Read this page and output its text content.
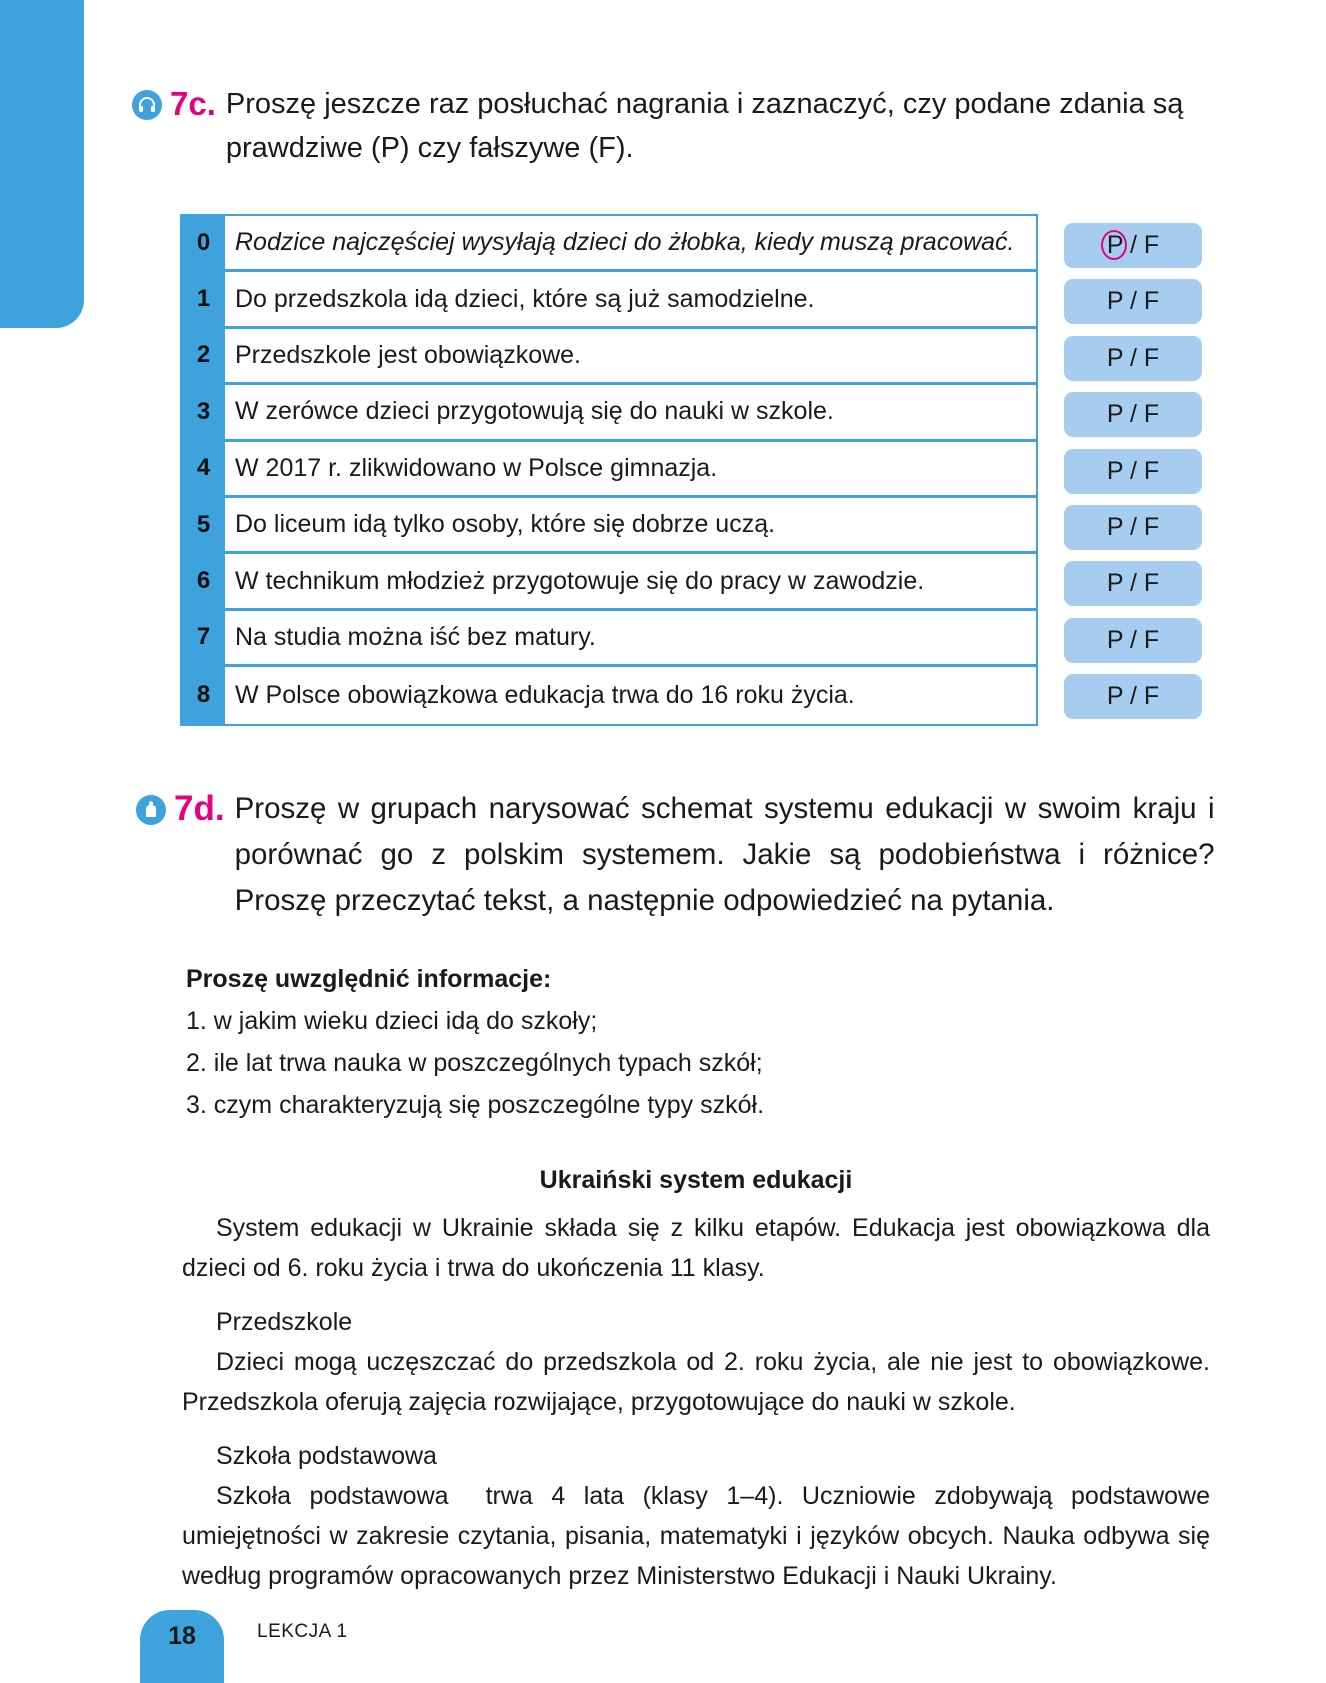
7c. Proszę jeszcze raz posłuchać nagrania i zaznaczyć, czy podane zdania są prawdziwe (P) czy fałszywe (F).
0 Rodzice najczęściej wysyłają dzieci do żłobka, kiedy muszą pracować.
1 Do przedszkola idą dzieci, które są już samodzielne.
2 Przedszkole jest obowiązkowe.
3 W zerówce dzieci przygotowują się do nauki w szkole.
4 W 2017 r. zlikwidowano w Polsce gimnazja.
5 Do liceum idą tylko osoby, które się dobrze uczą.
6 W technikum młodzież przygotowuje się do pracy w zawodzie.
7 Na studia można iść bez matury.
8 W Polsce obowiązkowa edukacja trwa do 16 roku życia.
P / F
P / F
P / F
P / F
P / F
P / F
P / F
P / F
P / F
7d. Proszę w grupach narysować schemat systemu edukacji w swoim kraju i porównać go z polskim systemem. Jakie są podobieństwa i różnice? Proszę przeczytać tekst, a następnie odpowiedzieć na pytania.
Proszę uwzględnić informacje:
1. w jakim wieku dzieci idą do szkoły;
2. ile lat trwa nauka w poszczególnych typach szkół;
3. czym charakteryzują się poszczególne typy szkół.
Ukraiński system edukacji

System edukacji w Ukrainie składa się z kilku etapów. Edukacja jest obowiązkowa dla dzieci od 6. roku życia i trwa do ukończenia 11 klasy.

Przedszkole

Dzieci mogą uczęszczać do przedszkola od 2. roku życia, ale nie jest to obowiązkowe. Przedszkola oferują zajęcia rozwijające, przygotowujące do nauki w szkole.

Szkoła podstawowa

Szkoła podstawowa  trwa 4 lata (klasy 1–4). Uczniowie zdobywają podstawowe umiejętności w zakresie czytania, pisania, matematyki i języków obcych. Nauka odbywa się według programów opracowanych przez Ministerstwo Edukacji i Nauki Ukrainy.

18	LEKCJA 1
